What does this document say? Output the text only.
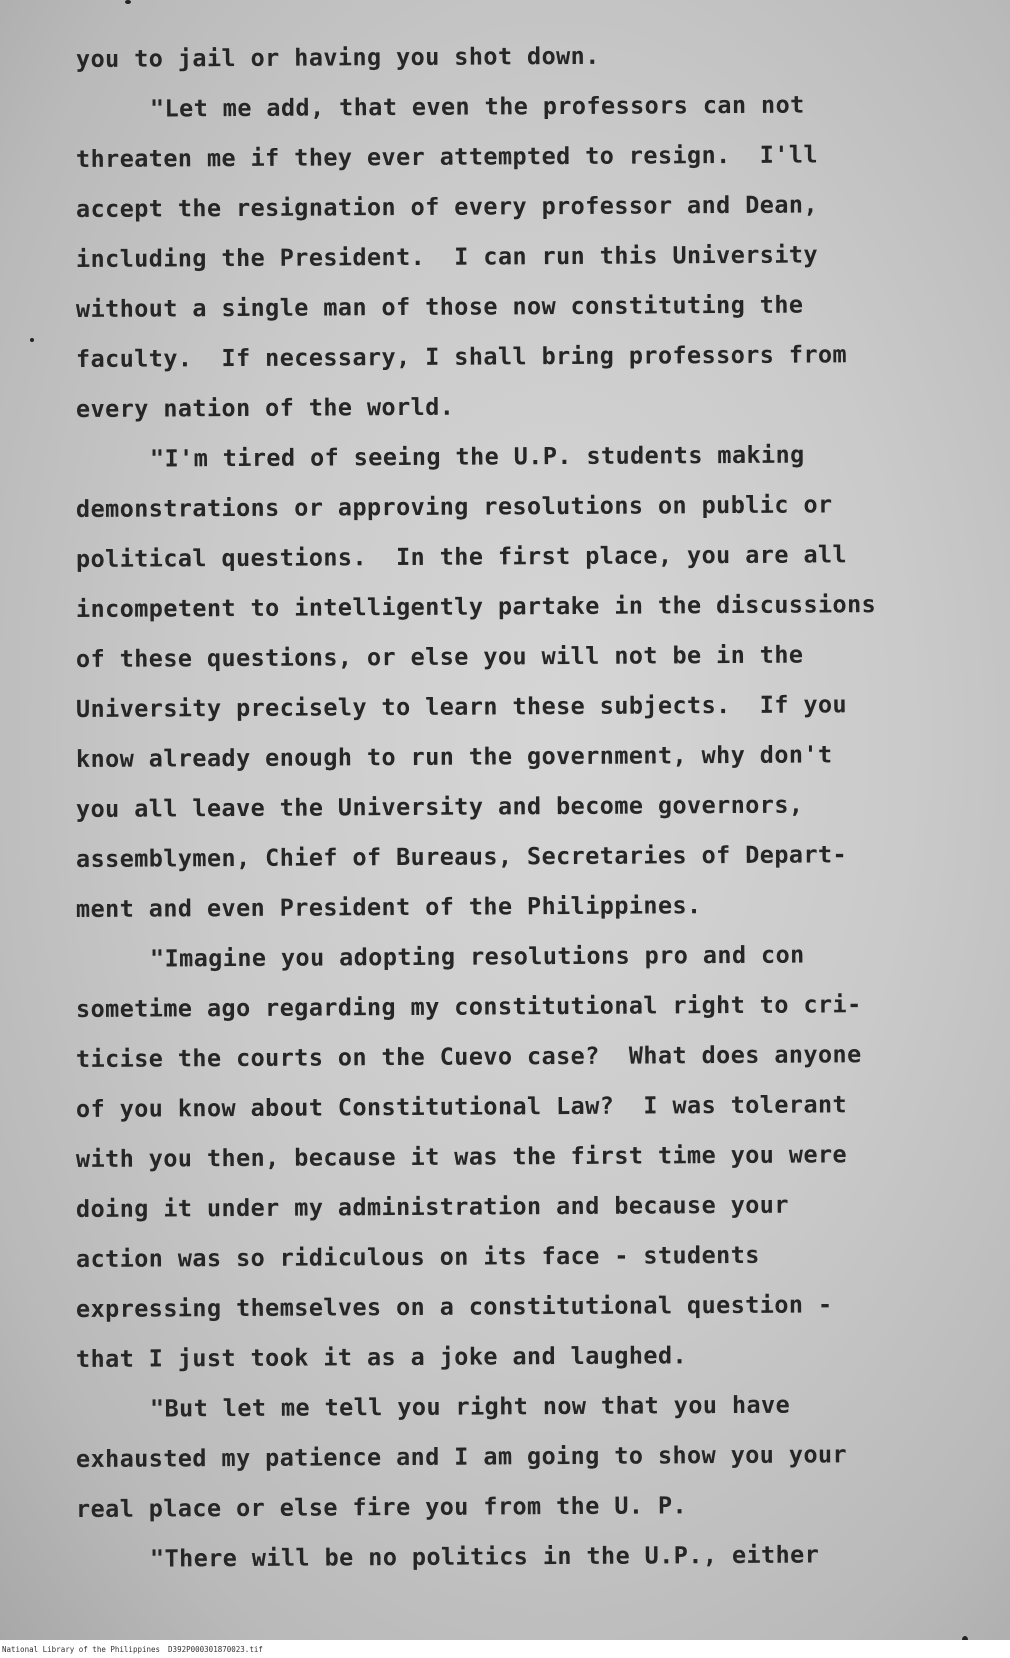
you to jail or having you shot down.
"Let me add, that even the professors can not
threaten me if they ever attempted to resign.  I'll
accept the resignation of every professor and Dean,
including the President.  I can run this University
without a single man of those now constituting the
faculty.  If necessary, I shall bring professors from
every nation of the world.
"I'm tired of seeing the U.P. students making
demonstrations or approving resolutions on public or
political questions.  In the first place, you are all
incompetent to intelligently partake in the discussions
of these questions, or else you will not be in the
University precisely to learn these subjects.  If you
know already enough to run the government, why don't
you all leave the University and become governors,
assemblymen, Chief of Bureaus, Secretaries of Depart-
ment and even President of the Philippines.
"Imagine you adopting resolutions pro and con
sometime ago regarding my constitutional right to cri-
ticise the courts on the Cuevo case?  What does anyone
of you know about Constitutional Law?  I was tolerant
with you then, because it was the first time you were
doing it under my administration and because your
action was so ridiculous on its face - students
expressing themselves on a constitutional question -
that I just took it as a joke and laughed.
"But let me tell you right now that you have
exhausted my patience and I am going to show you your
real place or else fire you from the U. P.
"There will be no politics in the U.P., either
National Library of the Philippines D392P000301870023.tif
